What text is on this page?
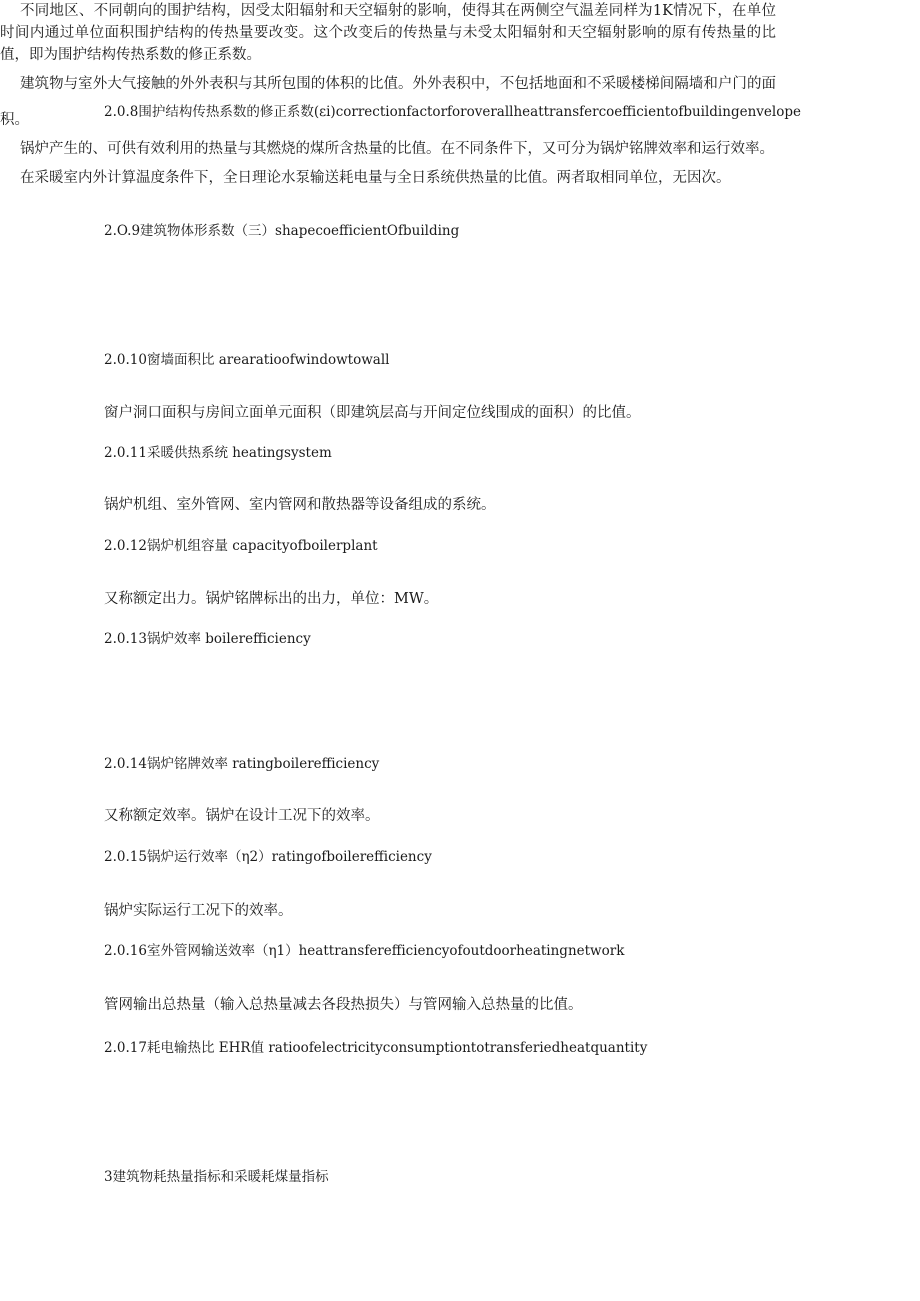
2.0.8围护结构传热系数的修正系数(εi)correctionfactorforoverallheattransfercoefficientofbuildingenvelope
不同地区、不同朝向的围护结构，因受太阳辐射和天空辐射的影响，使得其在两侧空气温差同样为1K情况下，在单位时间内通过单位面积围护结构的传热量要改变。这个改变后的传热量与未受太阳辐射和天空辐射影响的原有传热量的比值，即为围护结构传热系数的修正系数。
2.O.9建筑物体形系数（三）shapecoefficientOfbuilding
建筑物与室外大气接触的外外表积与其所包围的体积的比值。外外表积中，不包括地面和不采暖楼梯间隔墙和户门的面积。
2.0.10窗墙面积比 arearatioofwindowtowall
窗户洞口面积与房间立面单元面积（即建筑层高与开间定位线围成的面积）的比值。
2.0.11采暖供热系统 heatingsystem
锅炉机组、室外管网、室内管网和散热器等设备组成的系统。
2.0.12锅炉机组容量 capacityofboilerplant
又称额定出力。锅炉铭牌标出的出力，单位：MW。
2.0.13锅炉效率 boilerefficiency
锅炉产生的、可供有效利用的热量与其燃烧的煤所含热量的比值。在不同条件下，又可分为锅炉铭牌效率和运行效率。
2.0.14锅炉铭牌效率 ratingboilerefficiency
又称额定效率。锅炉在设计工况下的效率。
2.0.15锅炉运行效率（η2）ratingofboilerefficiency
锅炉实际运行工况下的效率。
2.0.16室外管网输送效率（η1）heattransferefficiencyofoutdoorheatingnetwork
管网输出总热量（输入总热量减去各段热损失）与管网输入总热量的比值。
2.0.17耗电输热比 EHR值 ratioofelectricityconsumptiontotransferiedheatquantity
在采暖室内外计算温度条件下，全日理论水泵输送耗电量与全日系统供热量的比值。两者取相同单位，无因次。
3建筑物耗热量指标和采暖耗煤量指标
